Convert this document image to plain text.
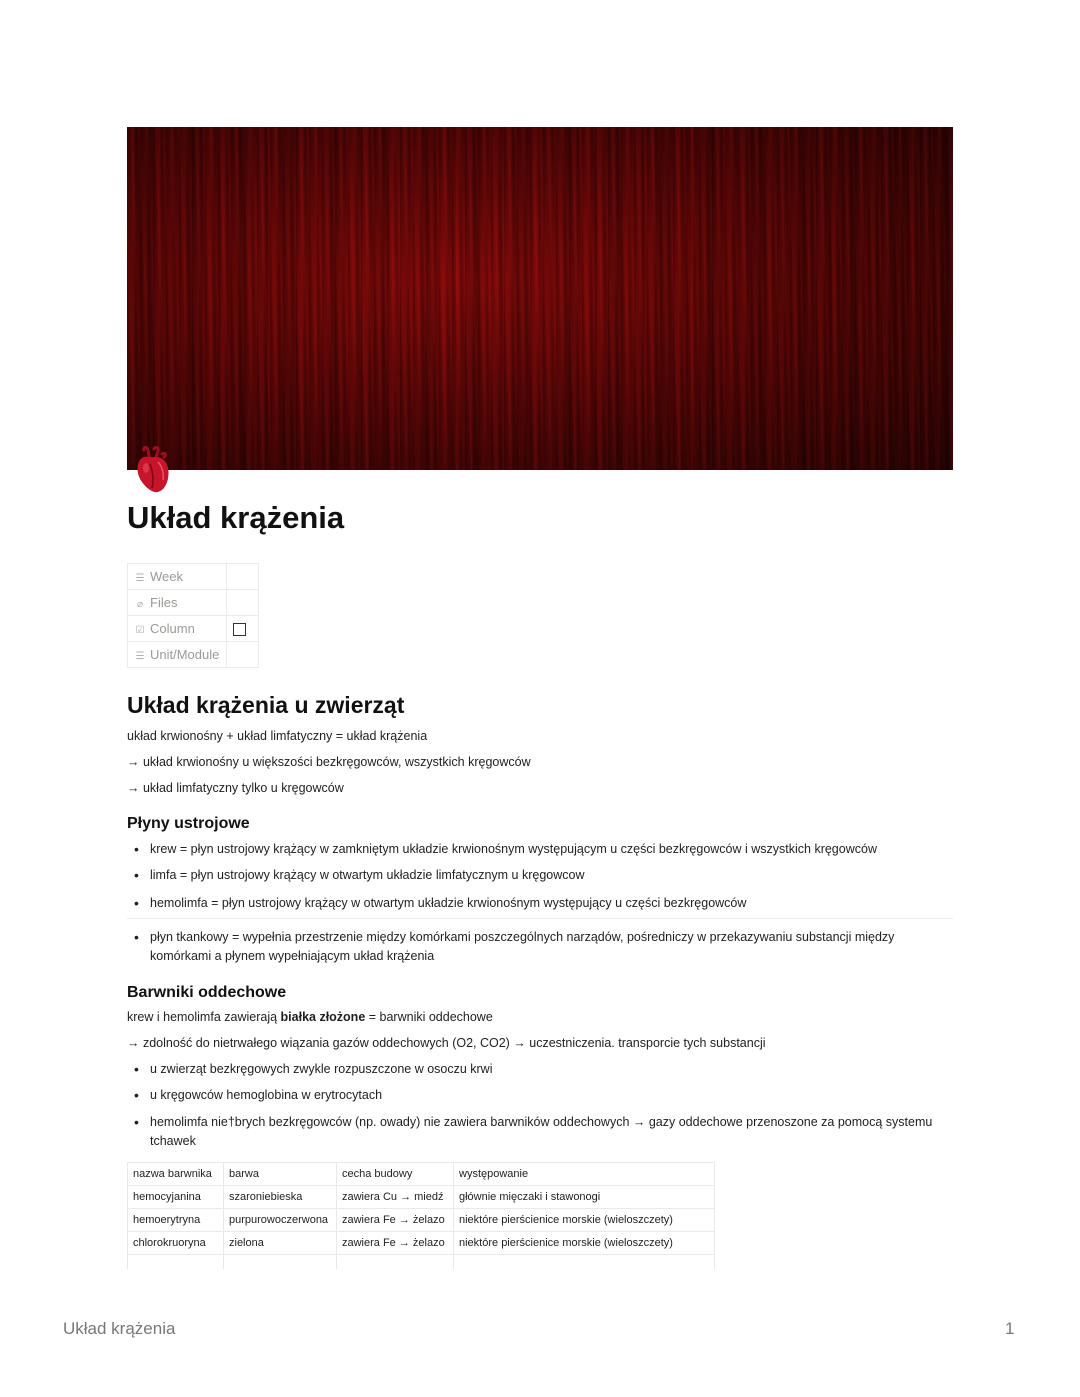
Układ krążenia
☰ Week	
⌀ Files	
☑ Column	
☰ Unit/Module	
Układ krążenia u zwierząt
układ krwionośny + układ limfatyczny = układ krążenia
→ układ krwionośny u większości bezkręgowców, wszystkich kręgowców
→ układ limfatyczny tylko u kręgowców
Płyny ustrojowe
• krew = płyn ustrojowy krążący w zamkniętym układzie krwionośnym występującym u części bezkręgowców i wszystkich kręgowców
• limfa = płyn ustrojowy krążący w otwartym układzie limfatycznym u kręgowcow
• hemolimfa = płyn ustrojowy krążący w otwartym układzie krwionośnym występujący u części bezkręgowców
• płyn tkankowy = wypełnia przestrzenie między komórkami poszczególnych narządów, pośredniczy w przekazywaniu substancji między komórkami a płynem wypełniającym układ krążenia
Barwniki oddechowe
krew i hemolimfa zawierają białka złożone = barwniki oddechowe
→ zdolność do nietrwałego wiązania gazów oddechowych (O2, CO2) → uczestniczenia. transporcie tych substancji
• u zwierząt bezkręgowych zwykle rozpuszczone w osoczu krwi
• u kręgowców hemoglobina w erytrocytach
• hemolimfa nie†brych bezkręgowców (np. owady) nie zawiera barwników oddechowych → gazy oddechowe przenoszone za pomocą systemu tchawek
nazwa barwnika	barwa	cecha budowy	występowanie
hemocyjanina	szaroniebieska	zawiera Cu → miedź	głównie mięczaki i stawonogi
hemoerytryna	purpurowoczerwona	zawiera Fe → żelazo	niektóre pierścienice morskie (wieloszczety)
chlorokruoryna	zielona	zawiera Fe → żelazo	niektóre pierścienice morskie (wieloszczety)

Układ krążenia	1
